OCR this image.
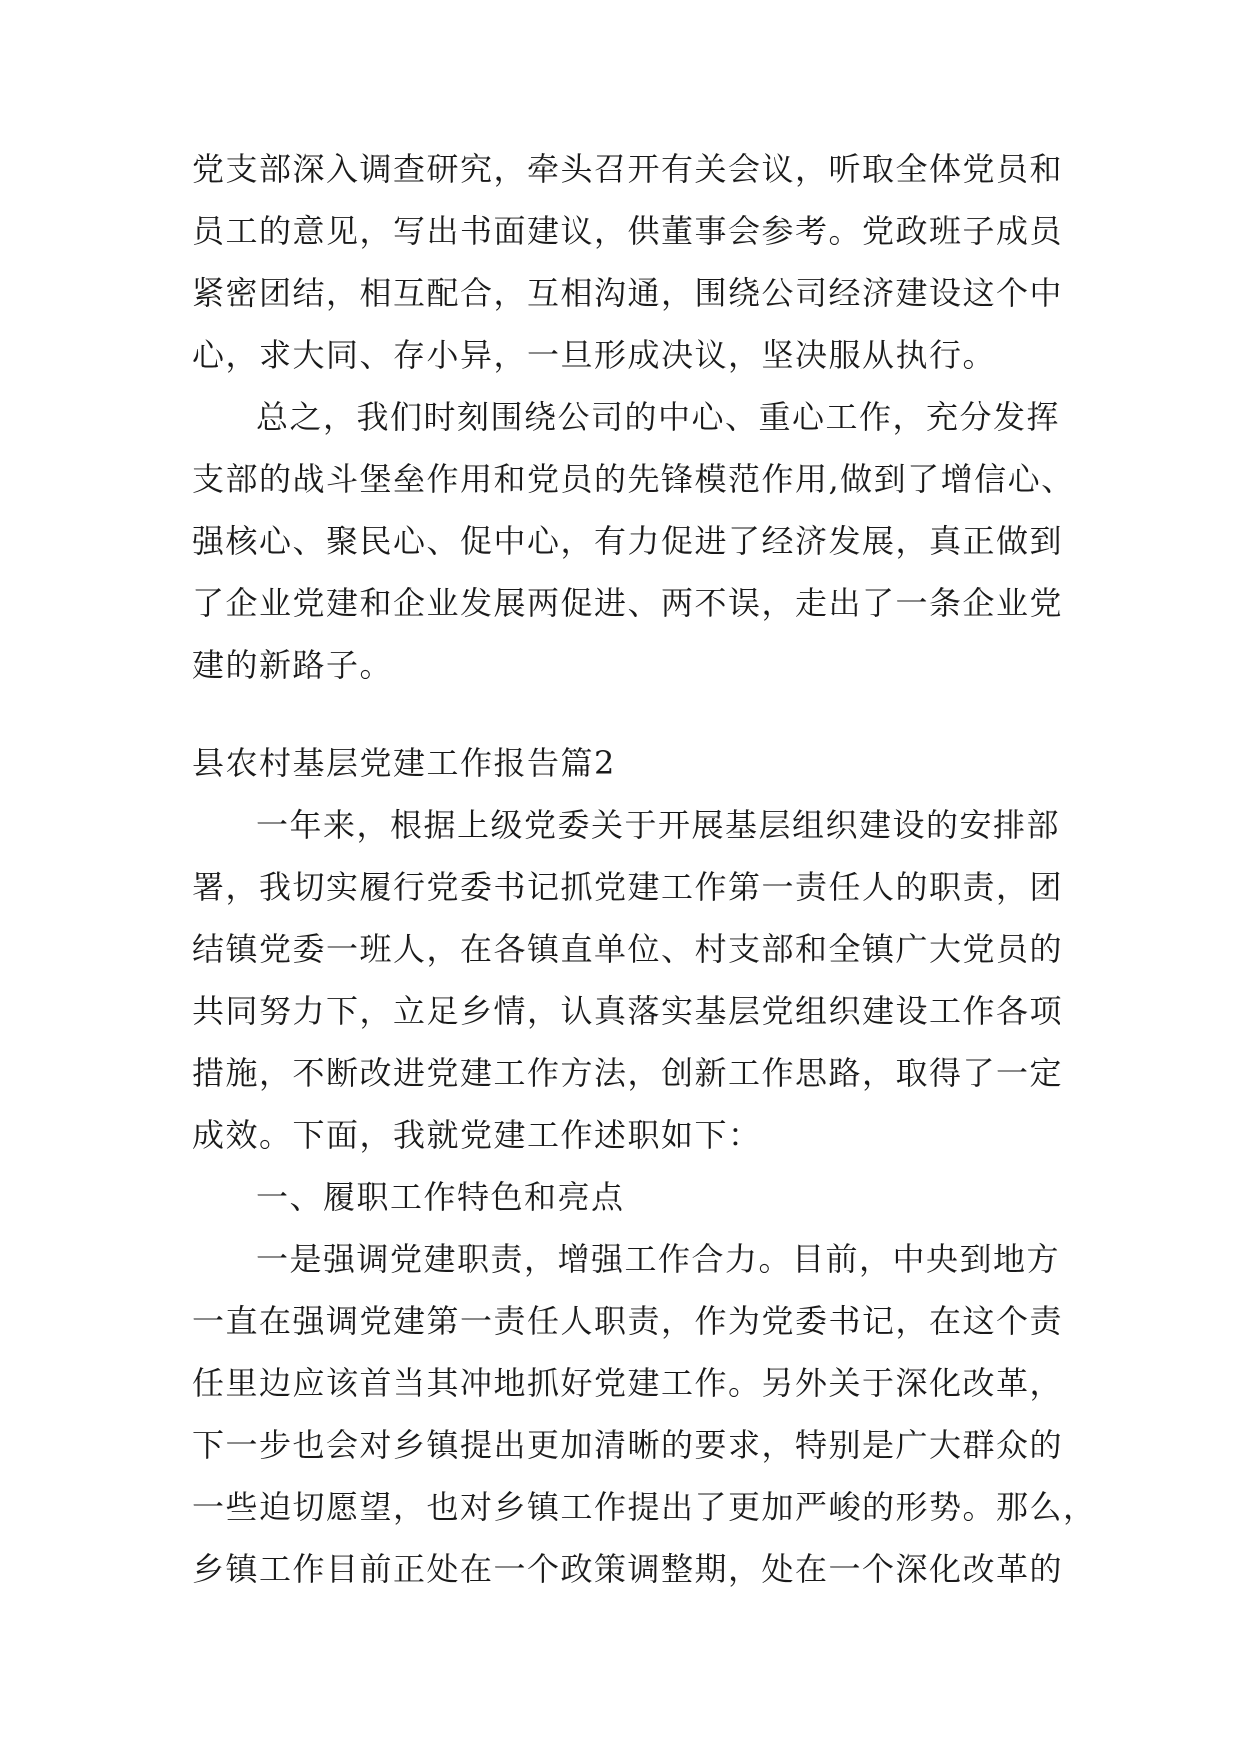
党支部深入调查研究，牵头召开有关会议，听取全体党员和
员工的意见，写出书面建议，供董事会参考。党政班子成员
紧密团结，相互配合，互相沟通，围绕公司经济建设这个中
心，求大同、存小异，一旦形成决议，坚决服从执行。
总之，我们时刻围绕公司的中心、重心工作，充分发挥
支部的战斗堡垒作用和党员的先锋模范作用,做到了增信心、
强核心、聚民心、促中心，有力促进了经济发展，真正做到
了企业党建和企业发展两促进、两不误，走出了一条企业党
建的新路子。
县农村基层党建工作报告篇2
一年来，根据上级党委关于开展基层组织建设的安排部
署，我切实履行党委书记抓党建工作第一责任人的职责，团
结镇党委一班人，在各镇直单位、村支部和全镇广大党员的
共同努力下，立足乡情，认真落实基层党组织建设工作各项
措施，不断改进党建工作方法，创新工作思路，取得了一定
成效。下面，我就党建工作述职如下：
一、履职工作特色和亮点
一是强调党建职责，增强工作合力。目前，中央到地方
一直在强调党建第一责任人职责，作为党委书记，在这个责
任里边应该首当其冲地抓好党建工作。另外关于深化改革，
下一步也会对乡镇提出更加清晰的要求，特别是广大群众的
一些迫切愿望，也对乡镇工作提出了更加严峻的形势。那么，
乡镇工作目前正处在一个政策调整期，处在一个深化改革的
